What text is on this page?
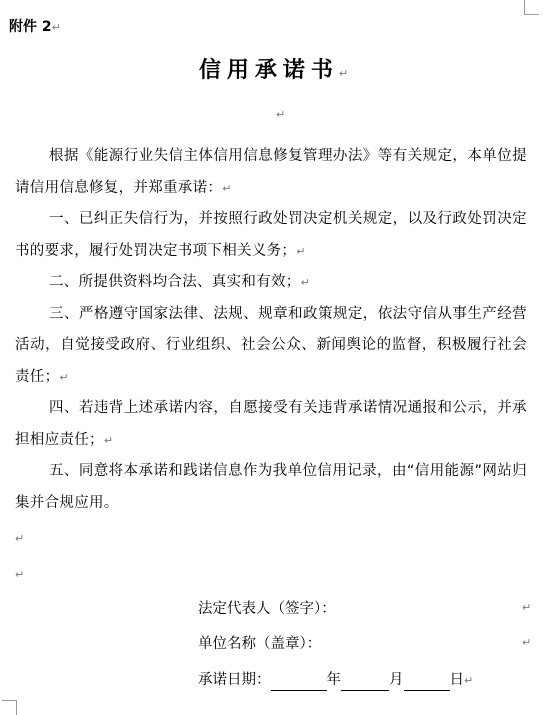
附件 2↵
信用承诺书↵
↵

根据《能源行业失信主体信用信息修复管理办法》等有关规定，本单位提请信用信息修复，并郑重承诺：↵

一、已纠正失信行为，并按照行政处罚决定机关规定，以及行政处罚决定书的要求，履行处罚决定书项下相关义务；↵

二、所提供资料均合法、真实和有效；↵

三、严格遵守国家法律、法规、规章和政策规定，依法守信从事生产经营活动，自觉接受政府、行业组织、社会公众、新闻舆论的监督，积极履行社会责任；↵

四、若违背上述承诺内容，自愿接受有关违背承诺情况通报和公示，并承担相应责任；↵

五、同意将本承诺和践诺信息作为我单位信用记录，由“信用能源”网站归集并合规应用。

↵
↵
法定代表人（签字）：	↵
单位名称（盖章）：	↵
承诺日期：	年	月	日↵
